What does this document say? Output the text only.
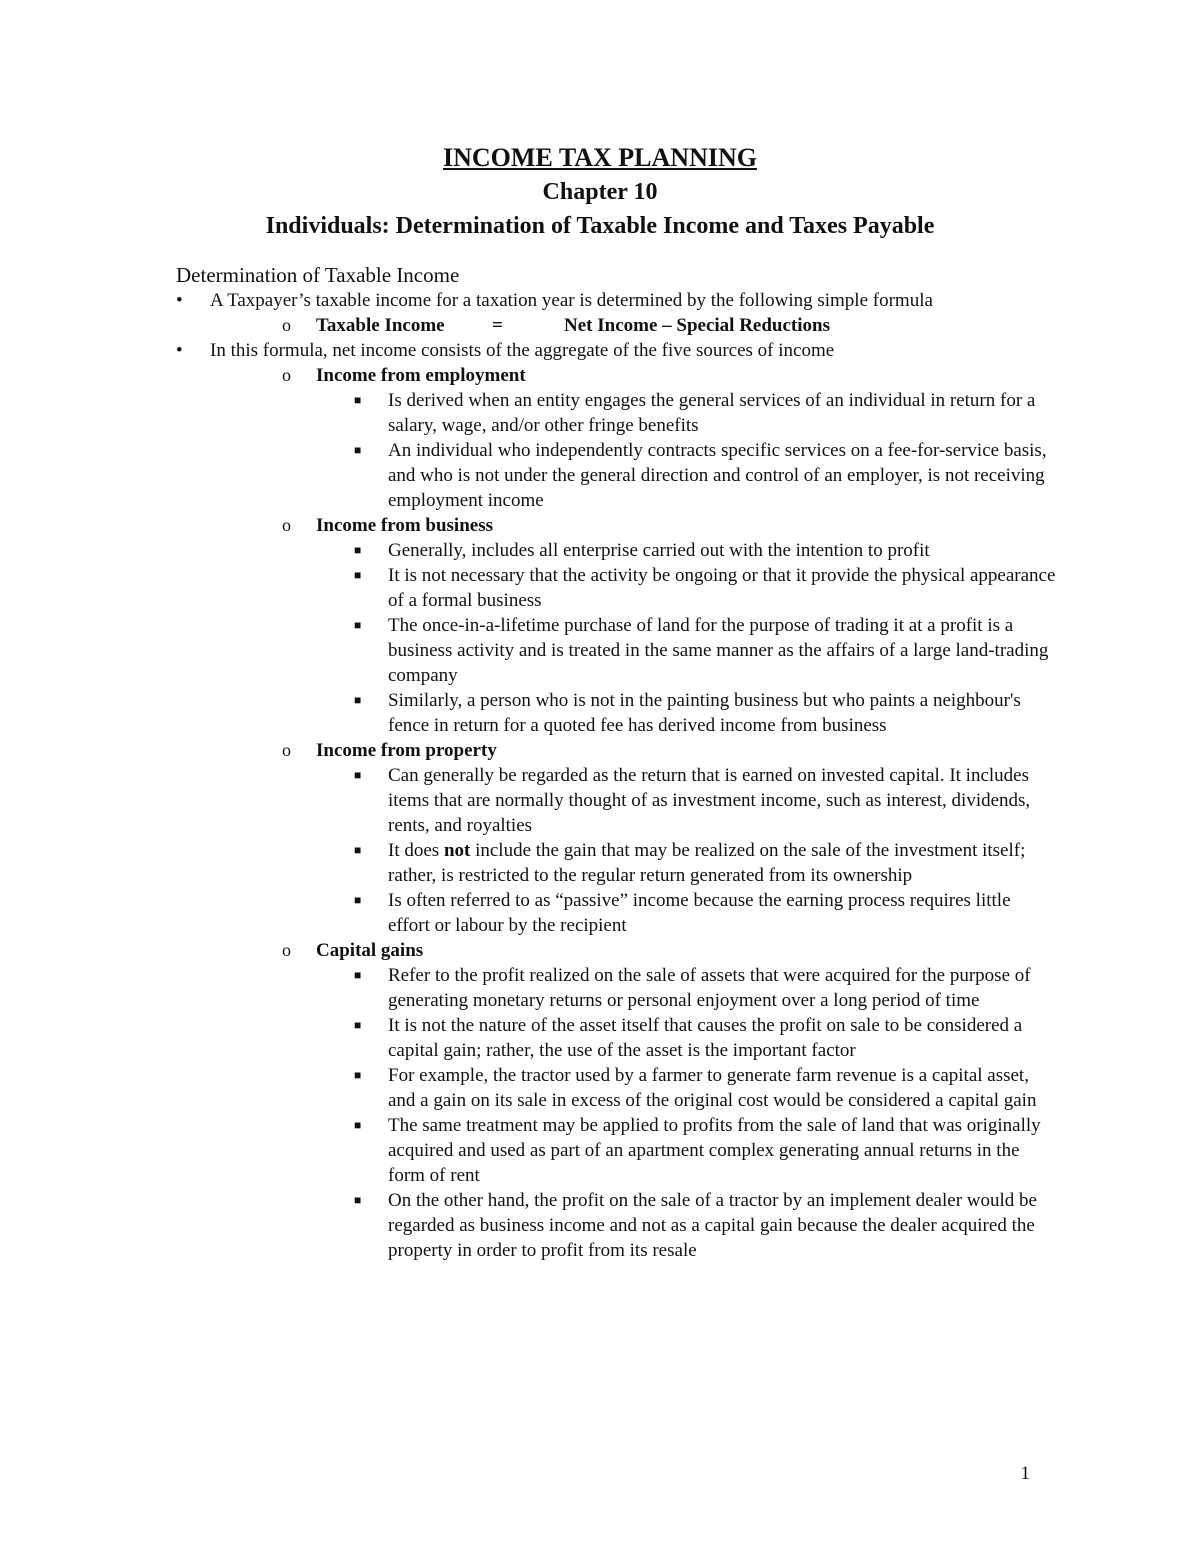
INCOME TAX PLANNING
Chapter 10
Individuals: Determination of Taxable Income and Taxes Payable
Determination of Taxable Income
•	A Taxpayer’s taxable income for a taxation year is determined by the following simple formula
o Taxable Income =	Net Income – Special Reductions
•	In this formula, net income consists of the aggregate of the five sources of income
o Income from employment
■ Is derived when an entity engages the general services of an individual in return for a salary, wage, and/or other fringe benefits
■ An individual who independently contracts specific services on a fee-for-service basis, and who is not under the general direction and control of an employer, is not receiving employment income
o Income from business
■ Generally, includes all enterprise carried out with the intention to profit
■ It is not necessary that the activity be ongoing or that it provide the physical appearance of a formal business
■ The once-in-a-lifetime purchase of land for the purpose of trading it at a profit is a business activity and is treated in the same manner as the affairs of a large land-trading company
■ Similarly, a person who is not in the painting business but who paints a neighbour's fence in return for a quoted fee has derived income from business
o Income from property
■ Can generally be regarded as the return that is earned on invested capital. It includes items that are normally thought of as investment income, such as interest, dividends, rents, and royalties
■ It does not include the gain that may be realized on the sale of the investment itself; rather, is restricted to the regular return generated from its ownership
■ Is often referred to as “passive” income because the earning process requires little effort or labour by the recipient
o Capital gains
■ Refer to the profit realized on the sale of assets that were acquired for the purpose of generating monetary returns or personal enjoyment over a long period of time
■ It is not the nature of the asset itself that causes the profit on sale to be considered a capital gain; rather, the use of the asset is the important factor
■ For example, the tractor used by a farmer to generate farm revenue is a capital asset, and a gain on its sale in excess of the original cost would be considered a capital gain
■ The same treatment may be applied to profits from the sale of land that was originally acquired and used as part of an apartment complex generating annual returns in the form of rent
■ On the other hand, the profit on the sale of a tractor by an implement dealer would be regarded as business income and not as a capital gain because the dealer acquired the property in order to profit from its resale
1
